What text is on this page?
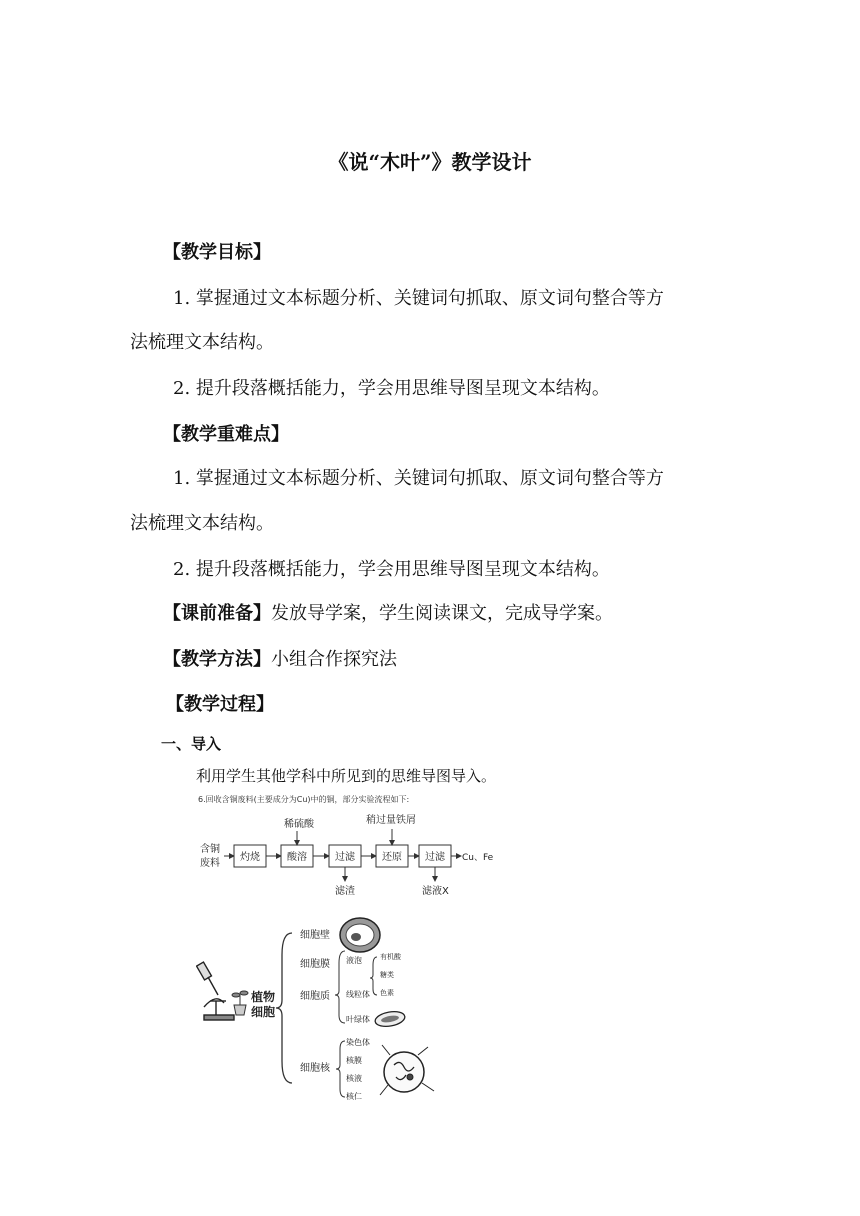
《说“木叶”》教学设计
【教学目标】
1. 掌握通过文本标题分析、关键词句抓取、原文词句整合等方
法梳理文本结构。
2. 提升段落概括能力，学会用思维导图呈现文本结构。
【教学重难点】
1. 掌握通过文本标题分析、关键词句抓取、原文词句整合等方
法梳理文本结构。
2. 提升段落概括能力，学会用思维导图呈现文本结构。
【课前准备】发放导学案，学生阅读课文，完成导学案。
【教学方法】小组合作探究法
【教学过程】
一、导入
利用学生其他学科中所见到的思维导图导入。
6.回收含铜废料(主要成分为Cu)中的铜，部分实验流程如下:
含铜
废料
灼烧	酸溶
稀硫酸
过滤
滤渣
还原
稍过量铁屑
过滤
滤液X
Cu、Fe
植物
细胞
细胞壁
细胞膜
细胞质
细胞核
液泡
线粒体
叶绿体
有机酸
糖类
色素
染色体
核膜
核液
核仁
